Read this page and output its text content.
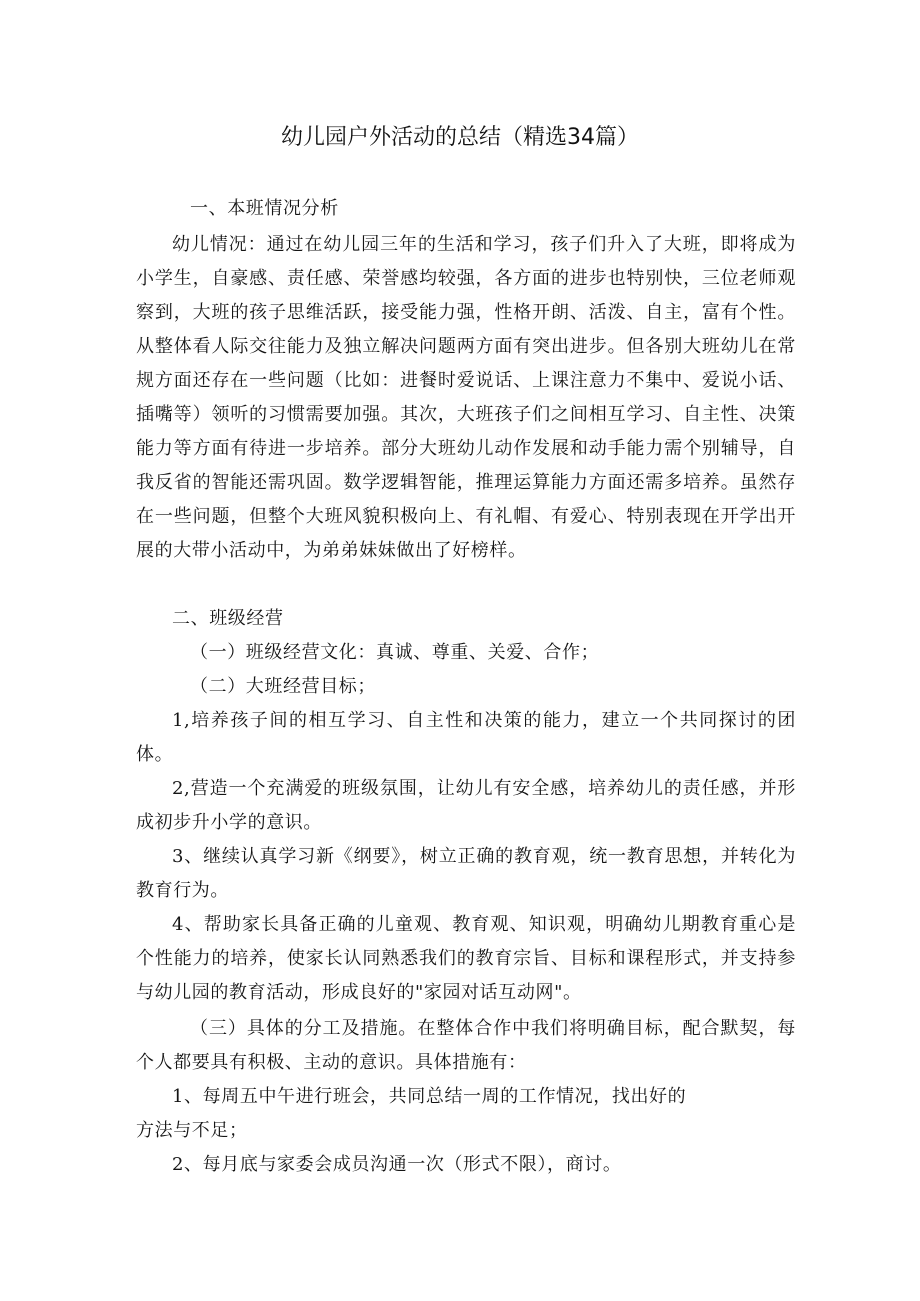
幼儿园户外活动的总结（精选34篇）

一、本班情况分析

幼儿情况：通过在幼儿园三年的生活和学习，孩子们升入了大班，即将成为小学生，自豪感、责任感、荣誉感均较强，各方面的进步也特别快，三位老师观察到，大班的孩子思维活跃，接受能力强，性格开朗、活泼、自主，富有个性。从整体看人际交往能力及独立解决问题两方面有突出进步。但各别大班幼儿在常规方面还存在一些问题（比如：进餐时爱说话、上课注意力不集中、爱说小话、插嘴等）领听的习惯需要加强。其次，大班孩子们之间相互学习、自主性、决策能力等方面有待进一步培养。部分大班幼儿动作发展和动手能力需个别辅导，自我反省的智能还需巩固。数学逻辑智能，推理运算能力方面还需多培养。虽然存在一些问题，但整个大班风貌积极向上、有礼帽、有爱心、特别表现在开学出开展的大带小活动中，为弟弟妹妹做出了好榜样。

二、班级经营

（一）班级经营文化：真诚、尊重、关爱、合作；

（二）大班经营目标；

1,培养孩子间的相互学习、自主性和决策的能力，建立一个共同探讨的团体。

2,营造一个充满爱的班级氛围，让幼儿有安全感，培养幼儿的责任感，并形成初步升小学的意识。

3、继续认真学习新《纲要》，树立正确的教育观，统一教育思想，并转化为教育行为。

4、帮助家长具备正确的儿童观、教育观、知识观，明确幼儿期教育重心是个性能力的培养，使家长认同熟悉我们的教育宗旨、目标和课程形式，并支持参与幼儿园的教育活动，形成良好的"家园对话互动网"。

（三）具体的分工及措施。在整体合作中我们将明确目标，配合默契，每个人都要具有积极、主动的意识。具体措施有：

1、每周五中午进行班会，共同总结一周的工作情况，找出好的

方法与不足；

2、每月底与家委会成员沟通一次（形式不限），商讨。
